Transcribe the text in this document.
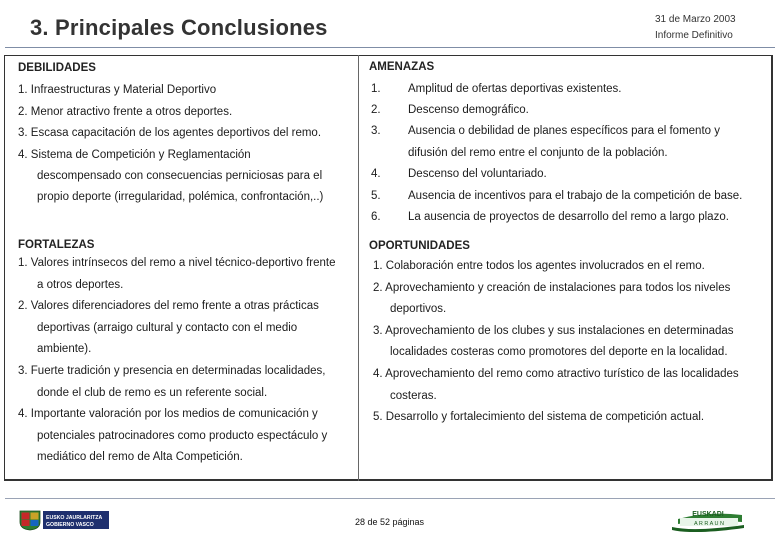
3. Principales Conclusiones	31 de Marzo 2003
Informe Definitivo
DEBILIDADES
1. Infraestructuras y Material Deportivo
2. Menor atractivo frente a otros deportes.
3. Escasa capacitación de los agentes deportivos del remo.
4. Sistema de Competición y Reglamentación
descompensado con consecuencias perniciosas para el
propio deporte (irregularidad, polémica, confrontación,..)
AMENAZAS
1. Amplitud de ofertas deportivas existentes.
2. Descenso demográfico.
3. Ausencia o debilidad de planes específicos para el fomento y
difusión del remo entre el conjunto de la población.
4. Descenso del voluntariado.
5. Ausencia de incentivos para el trabajo de la competición de base.
6. La ausencia de proyectos de desarrollo del remo a largo plazo.
FORTALEZAS
1. Valores intrínsecos del remo a nivel técnico-deportivo frente
a otros deportes.
2. Valores diferenciadores del remo frente a otras prácticas
deportivas (arraigo cultural y contacto con el medio
ambiente).
3. Fuerte tradición y presencia en determinadas localidades,
donde el club de remo es un referente social.
4. Importante valoración por los medios de comunicación y
potenciales patrocinadores como producto espectáculo y
mediático del remo de Alta Competición.
OPORTUNIDADES
1. Colaboración entre todos los agentes involucrados en el remo.
2. Aprovechamiento y creación de instalaciones para todos los niveles
deportivos.
3. Aprovechamiento de los clubes y sus instalaciones en determinadas
localidades costeras como promotores del deporte en la localidad.
4. Aprovechamiento del remo como atractivo turístico de las localidades
costeras.
5. Desarrollo y fortalecimiento del sistema de competición actual.
EUSKO JAURLARITZA
GOBIERNO VASCO	28 de 52 páginas
EUSKADI
A R R A U N
